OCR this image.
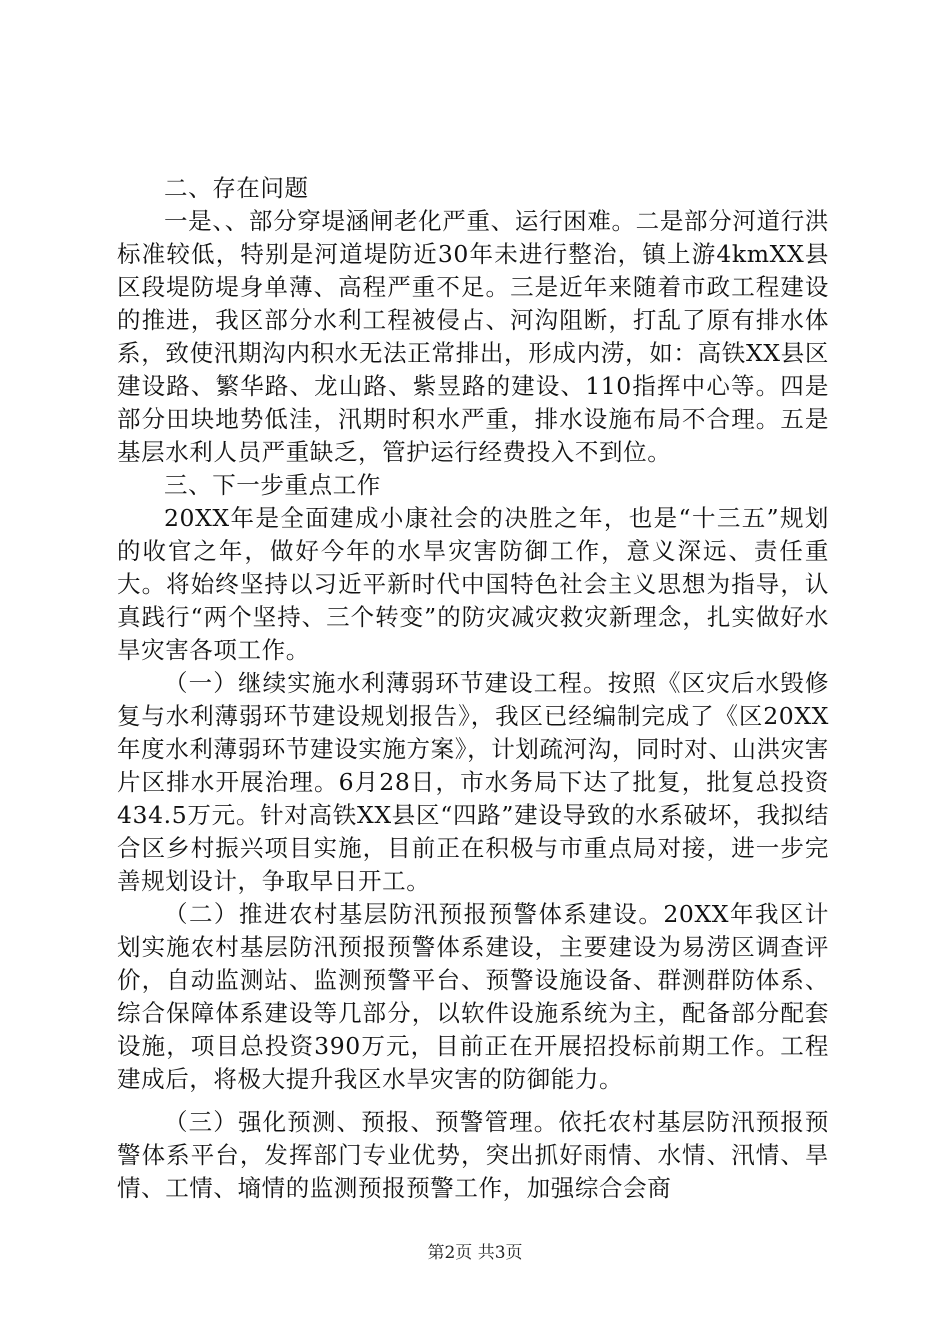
二、存在问题

一是、、部分穿堤涵闸老化严重、运行困难。二是部分河道行洪标准较低，特别是河道堤防近30年未进行整治，镇上游4kmXX县区段堤防堤身单薄、高程严重不足。三是近年来随着市政工程建设的推进，我区部分水利工程被侵占、河沟阻断，打乱了原有排水体系，致使汛期沟内积水无法正常排出，形成内涝，如：高铁XX县区建设路、繁华路、龙山路、紫昱路的建设、110指挥中心等。四是部分田块地势低洼，汛期时积水严重，排水设施布局不合理。五是基层水利人员严重缺乏，管护运行经费投入不到位。

三、下一步重点工作

20XX年是全面建成小康社会的决胜之年，也是“十三五”规划的收官之年，做好今年的水旱灾害防御工作，意义深远、责任重大。将始终坚持以习近平新时代中国特色社会主义思想为指导，认真践行“两个坚持、三个转变”的防灾减灾救灾新理念，扎实做好水旱灾害各项工作。

（一）继续实施水利薄弱环节建设工程。按照《区灾后水毁修复与水利薄弱环节建设规划报告》，我区已经编制完成了《区20XX年度水利薄弱环节建设实施方案》，计划疏河沟，同时对、山洪灾害片区排水开展治理。6月28日，市水务局下达了批复，批复总投资434.5万元。针对高铁XX县区“四路”建设导致的水系破坏，我拟结合区乡村振兴项目实施，目前正在积极与市重点局对接，进一步完善规划设计，争取早日开工。

（二）推进农村基层防汛预报预警体系建设。20XX年我区计划实施农村基层防汛预报预警体系建设，主要建设为易涝区调查评价，自动监测站、监测预警平台、预警设施设备、群测群防体系、综合保障体系建设等几部分，以软件设施系统为主，配备部分配套设施，项目总投资390万元，目前正在开展招投标前期工作。工程建成后，将极大提升我区水旱灾害的防御能力。

（三）强化预测、预报、预警管理。依托农村基层防汛预报预警体系平台，发挥部门专业优势，突出抓好雨情、水情、汛情、旱情、工情、墒情的监测预报预警工作，加强综合会商

第2页 共3页
